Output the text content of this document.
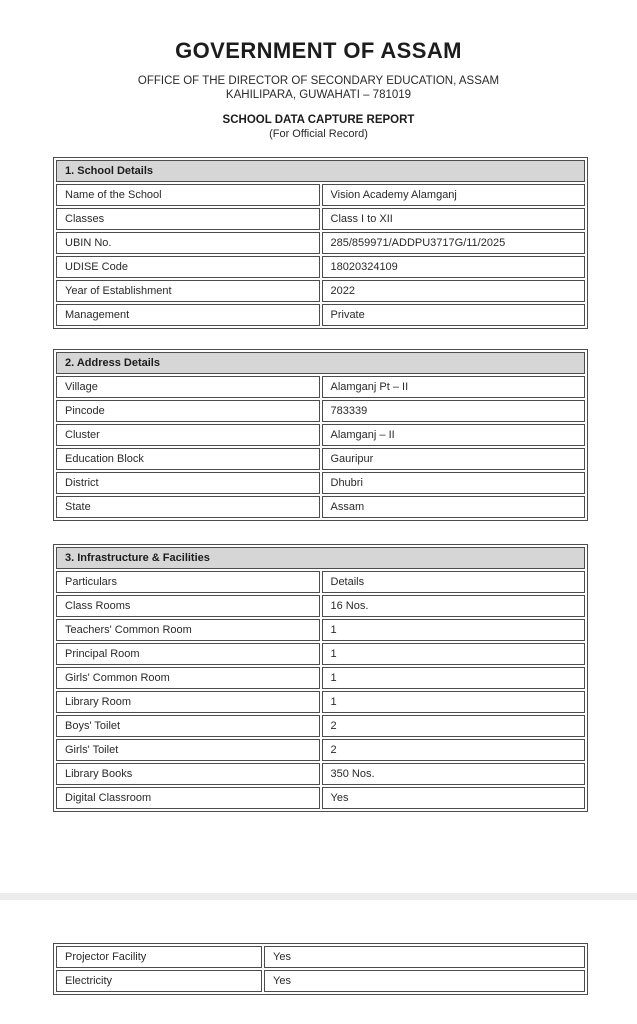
GOVERNMENT OF ASSAM
OFFICE OF THE DIRECTOR OF SECONDARY EDUCATION, ASSAM
KAHILIPARA, GUWAHATI – 781019
SCHOOL DATA CAPTURE REPORT
(For Official Record)
1. School Details	
Name of the School	Vision Academy Alamganj
Classes	Class I to XII
UBIN No.	285/859971/ADDPU3717G/11/2025
UDISE Code	18020324109
Year of Establishment	2022
Management	Private
2. Address Details	
Village	Alamganj Pt – II
Pincode	783339
Cluster	Alamganj – II
Education Block	Gauripur
District	Dhubri
State	Assam
3. Infrastructure & Facilities	
Particulars	Details
Class Rooms	16 Nos.
Teachers' Common Room	1
Principal Room	1
Girls' Common Room	1
Library Room	1
Boys' Toilet	2
Girls' Toilet	2
Library Books	350 Nos.
Digital Classroom	Yes
Projector Facility	Yes
Electricity	Yes
